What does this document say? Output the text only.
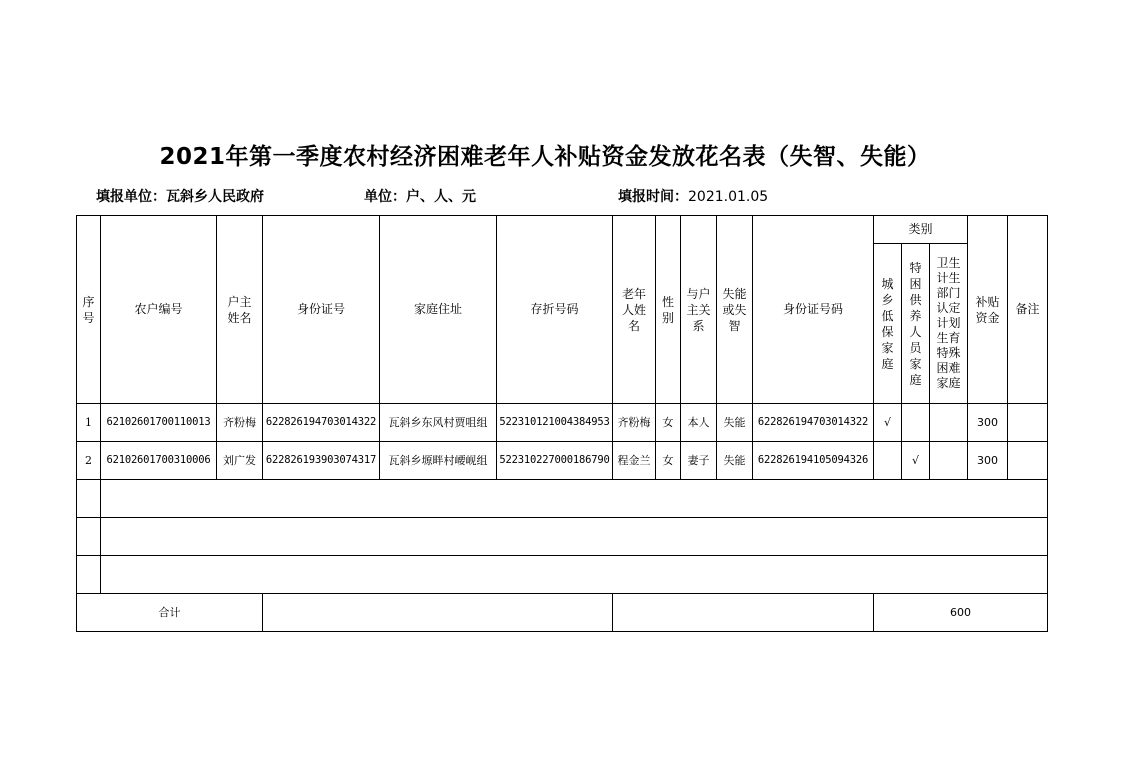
2021年第一季度农村经济困难老年人补贴资金发放花名表（失智、失能）
填报单位：瓦斜乡人民政府	单位：户、人、元	填报时间：2021.01.05
序号	农户编号	户主姓名	身份证号	家庭住址	存折号码	老年人姓名	性别	与户主关系	失能或失智	身份证号码	类别			补贴资金	备注
											城乡低保家庭	特困供养人员家庭	卫生计生部门认定计划生育特殊困难家庭		
1	62102601700110013	齐粉梅	622826194703014322	瓦斜乡东风村贾咀组	522310121004384953	齐粉梅	女	本人	失能	622826194703014322	√			300	
2	62102601700310006	刘广发	622826193903074317	瓦斜乡塬畔村崾岘组	522310227000186790	程金兰	女	妻子	失能	622826194105094326		√		300	

合计											600				
